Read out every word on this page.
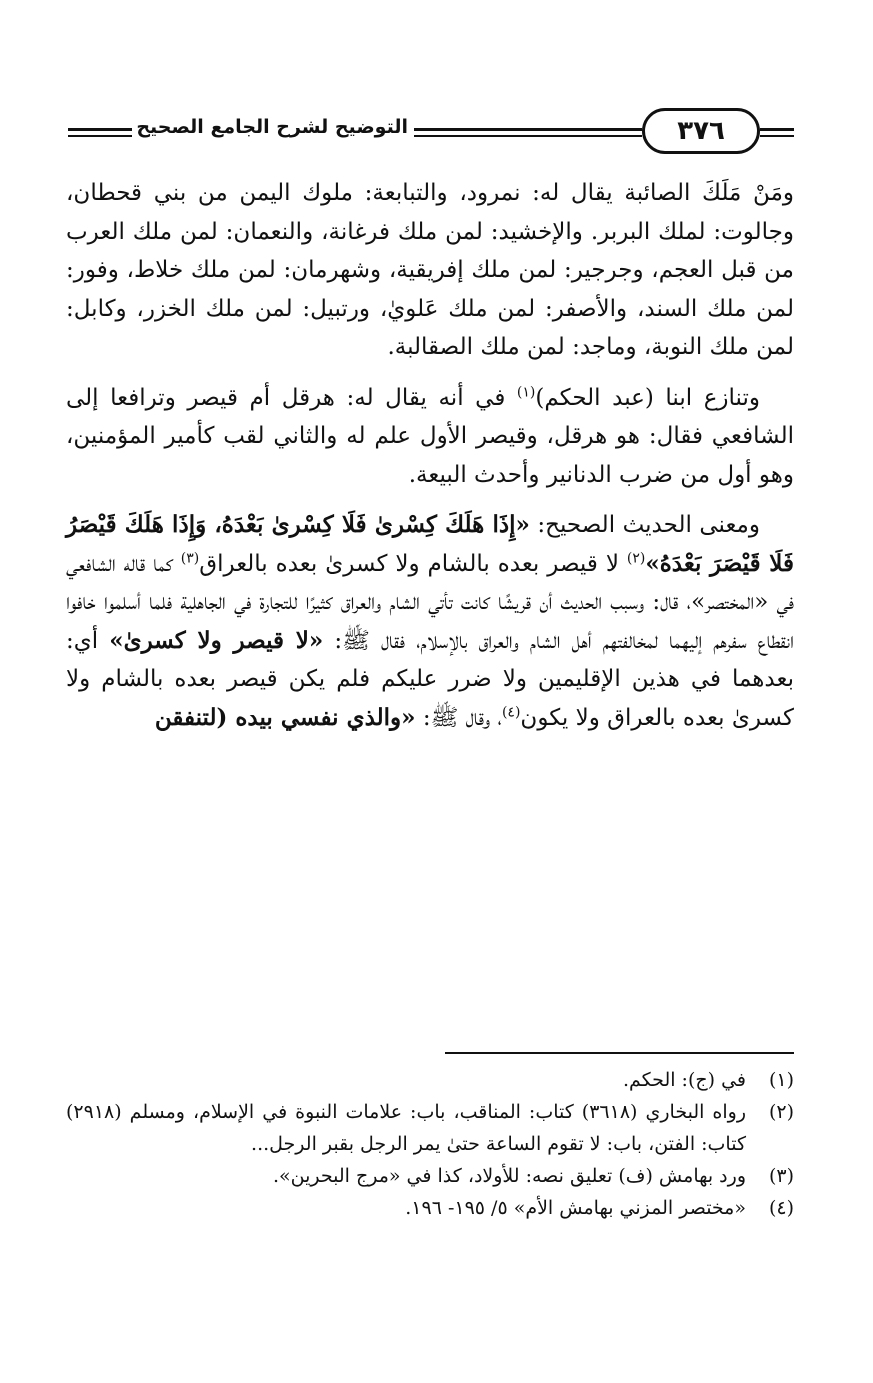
٣٧٦
التوضيح لشرح الجامع الصحيح

ومَنْ مَلَكَ الصائبة يقال له: نمرود، والتبابعة: ملوك اليمن من بني قحطان، وجالوت: لملك البربر. والإخشيد: لمن ملك فرغانة، والنعمان: لمن ملك العرب من قبل العجم، وجرجير: لمن ملك إفريقية، وشهرمان: لمن ملك خلاط، وفور: لمن ملك السند، والأصفر: لمن ملك عَلويٰ، ورتبيل: لمن ملك الخزر، وكابل: لمن ملك النوبة، وماجد: لمن ملك الصقالبة.

وتنازع ابنا (عبد الحكم)$^{(١)}$ في أنه يقال له: هرقل أم قيصر وترافعا إلى الشافعي فقال: هو هرقل، وقيصر الأول علم له والثاني لقب كأمير المؤمنين، وهو أول من ضرب الدنانير وأحدث البيعة.

ومعنى الحديث الصحيح: «إِذَا هَلَكَ كِسْرىٰ فَلَا كِسْرىٰ بَعْدَهُ، وَإِذَا هَلَكَ قَيْصَرُ فَلَا قَيْصَرَ بَعْدَهُ»$^{(٢)}$ لا قيصر بعده بالشام ولا كسرىٰ بعده بالعراق$^{(٣)}$ كما قاله الشافعي في «المختصر»، قال: وسبب الحديث أن قريشًا كانت تأتي الشام والعراق كثيرًا للتجارة في الجاهلية فلما أسلموا خافوا انقطاع سفرهم إليهما لمخالفتهم أهل الشام والعراق بالإسلام، فقال ﷺ: «لا قيصر ولا كسرىٰ» أي: بعدهما في هذين الإقليمين ولا ضرر عليكم فلم يكن قيصر بعده بالشام ولا كسرىٰ بعده بالعراق ولا يكون$^{(٤)}$، وقال ﷺ: «والذي نفسي بيده (لتنفقن

(١)
في (ج): الحكم.
(٢)
رواه البخاري (٣٦١٨) كتاب: المناقب، باب: علامات النبوة في الإسلام، ومسلم (٢٩١٨) كتاب: الفتن، باب: لا تقوم الساعة حتىٰ يمر الرجل بقبر الرجل...
(٣)
ورد بهامش (ف) تعليق نصه: للأولاد، كذا في «مرج البحرين».
(٤)
«مختصر المزني بهامش الأم» ٥/ ١٩٥- ١٩٦.
